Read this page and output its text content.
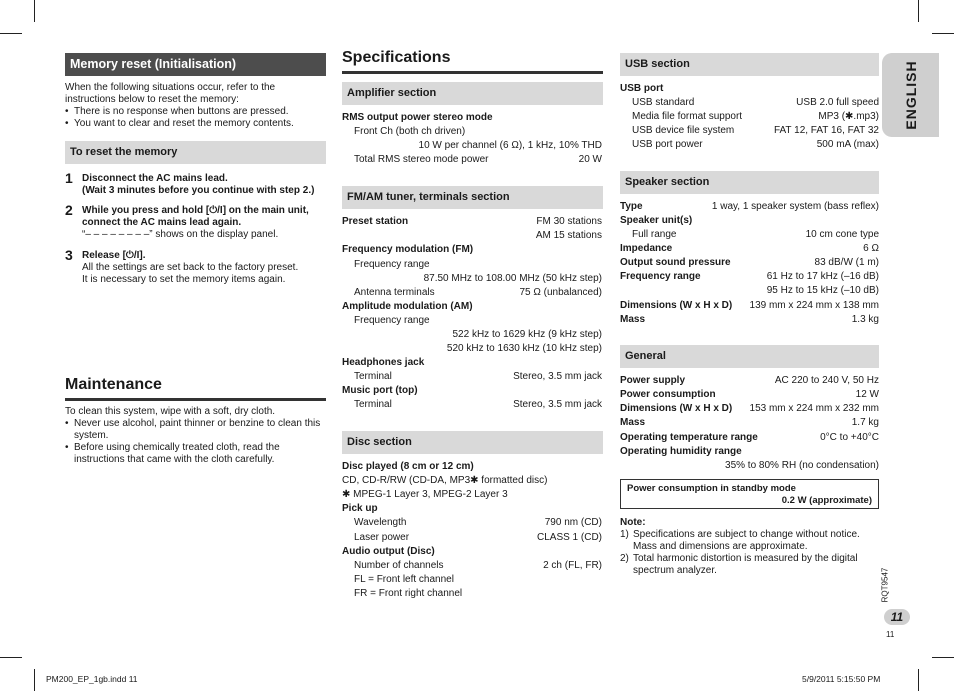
Memory reset (Initialisation)
When the following situations occur, refer to the
instructions below to reset the memory:
• There is no response when buttons are pressed.
• You want to clear and reset the memory contents.
To reset the memory
1 Disconnect the AC mains lead.
(Wait 3 minutes before you continue with step 2.)
2 While you press and hold [⏻/I] on the main unit,
connect the AC mains lead again.
“– – – – – – – –” shows on the display panel.
3 Release [⏻/I].
All the settings are set back to the factory preset.
It is necessary to set the memory items again.
Maintenance
To clean this system, wipe with a soft, dry cloth.
• Never use alcohol, paint thinner or benzine to clean this
system.
• Before using chemically treated cloth, read the
instructions that came with the cloth carefully.
Specifications
Amplifier section
RMS output power stereo mode
Front Ch (both ch driven)
10 W per channel (6 Ω), 1 kHz, 10% THD
Total RMS stereo mode power	20 W
FM/AM tuner, terminals section
Preset station	FM 30 stations
AM 15 stations
Frequency modulation (FM)
Frequency range
87.50 MHz to 108.00 MHz (50 kHz step)
Antenna terminals	75 Ω (unbalanced)
Amplitude modulation (AM)
Frequency range
522 kHz to 1629 kHz (9 kHz step)
520 kHz to 1630 kHz (10 kHz step)
Headphones jack
Terminal	Stereo, 3.5 mm jack
Music port (top)
Terminal	Stereo, 3.5 mm jack
Disc section
Disc played (8 cm or 12 cm)
CD, CD-R/RW (CD-DA, MP3✱ formatted disc)
✱ MPEG-1 Layer 3, MPEG-2 Layer 3
Pick up
Wavelength	790 nm (CD)
Laser power	CLASS 1 (CD)
Audio output (Disc)
Number of channels	2 ch (FL, FR)
FL = Front left channel
FR = Front right channel
USB section
USB port
USB standard	USB 2.0 full speed
Media file format support	MP3 (✱.mp3)
USB device file system	FAT 12, FAT 16, FAT 32
USB port power	500 mA (max)
Speaker section
Type	1 way, 1 speaker system (bass reflex)
Speaker unit(s)
Full range	10 cm cone type
Impedance	6 Ω
Output sound pressure	83 dB/W (1 m)
Frequency range	61 Hz to 17 kHz (–16 dB)
95 Hz to 15 kHz (–10 dB)
Dimensions (W x H x D) 139 mm x 224 mm x 138 mm
Mass	1.3 kg
General
Power supply	AC 220 to 240 V, 50 Hz
Power consumption	12 W
Dimensions (W x H x D) 153 mm x 224 mm x 232 mm
Mass	1.7 kg
Operating temperature range	0°C to +40°C
Operating humidity range
35% to 80% RH (no condensation)
Power consumption in standby mode
0.2 W (approximate)
Note:
1) Specifications are subject to change without notice.
Mass and dimensions are approximate.
2) Total harmonic distortion is measured by the digital
spectrum analyzer.
ENGLISH
RQT9547
11
11
PM200_EP_1gb.indd 11	5/9/2011 5:15:50 PM
